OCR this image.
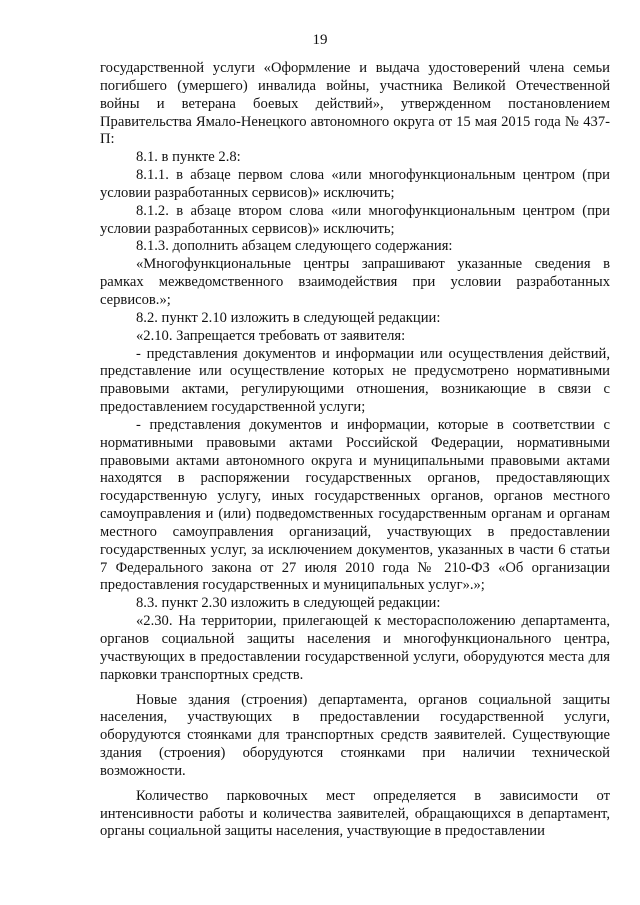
19

государственной услуги «Оформление и выдача удостоверений члена семьи погибшего (умершего) инвалида войны, участника Великой Отечественной войны и ветерана боевых действий», утвержденном постановлением Правительства Ямало-Ненецкого автономного округа от 15 мая 2015 года № 437-П:

8.1. в пункте 2.8:

8.1.1. в абзаце первом слова «или многофункциональным центром (при условии разработанных сервисов)» исключить;

8.1.2. в абзаце втором слова «или многофункциональным центром (при условии разработанных сервисов)» исключить;

8.1.3. дополнить абзацем следующего содержания:

«Многофункциональные центры запрашивают указанные сведения в рамках межведомственного взаимодействия при условии разработанных сервисов.»;

8.2. пункт 2.10 изложить в следующей редакции:

«2.10. Запрещается требовать от заявителя:

- представления документов и информации или осуществления действий, представление или осуществление которых не предусмотрено нормативными правовыми актами, регулирующими отношения, возникающие в связи с предоставлением государственной услуги;

- представления документов и информации, которые в соответствии с нормативными правовыми актами Российской Федерации, нормативными правовыми актами автономного округа и муниципальными правовыми актами находятся в распоряжении государственных органов, предоставляющих государственную услугу, иных государственных органов, органов местного самоуправления и (или) подведомственных государственным органам и органам местного самоуправления организаций, участвующих в предоставлении государственных услуг, за исключением документов, указанных в части 6 статьи 7 Федерального закона от 27 июля 2010 года № 210-ФЗ «Об организации предоставления государственных и муниципальных услуг».»;

8.3. пункт 2.30 изложить в следующей редакции:

«2.30. На территории, прилегающей к месторасположению департамента, органов социальной защиты населения и многофункционального центра, участвующих в предоставлении государственной услуги, оборудуются места для парковки транспортных средств.

Новые здания (строения) департамента, органов социальной защиты населения, участвующих в предоставлении государственной услуги, оборудуются стоянками для транспортных средств заявителей. Существующие здания (строения) оборудуются стоянками при наличии технической возможности.

Количество парковочных мест определяется в зависимости от интенсивности работы и количества заявителей, обращающихся в департамент, органы социальной защиты населения, участвующие в предоставлении
